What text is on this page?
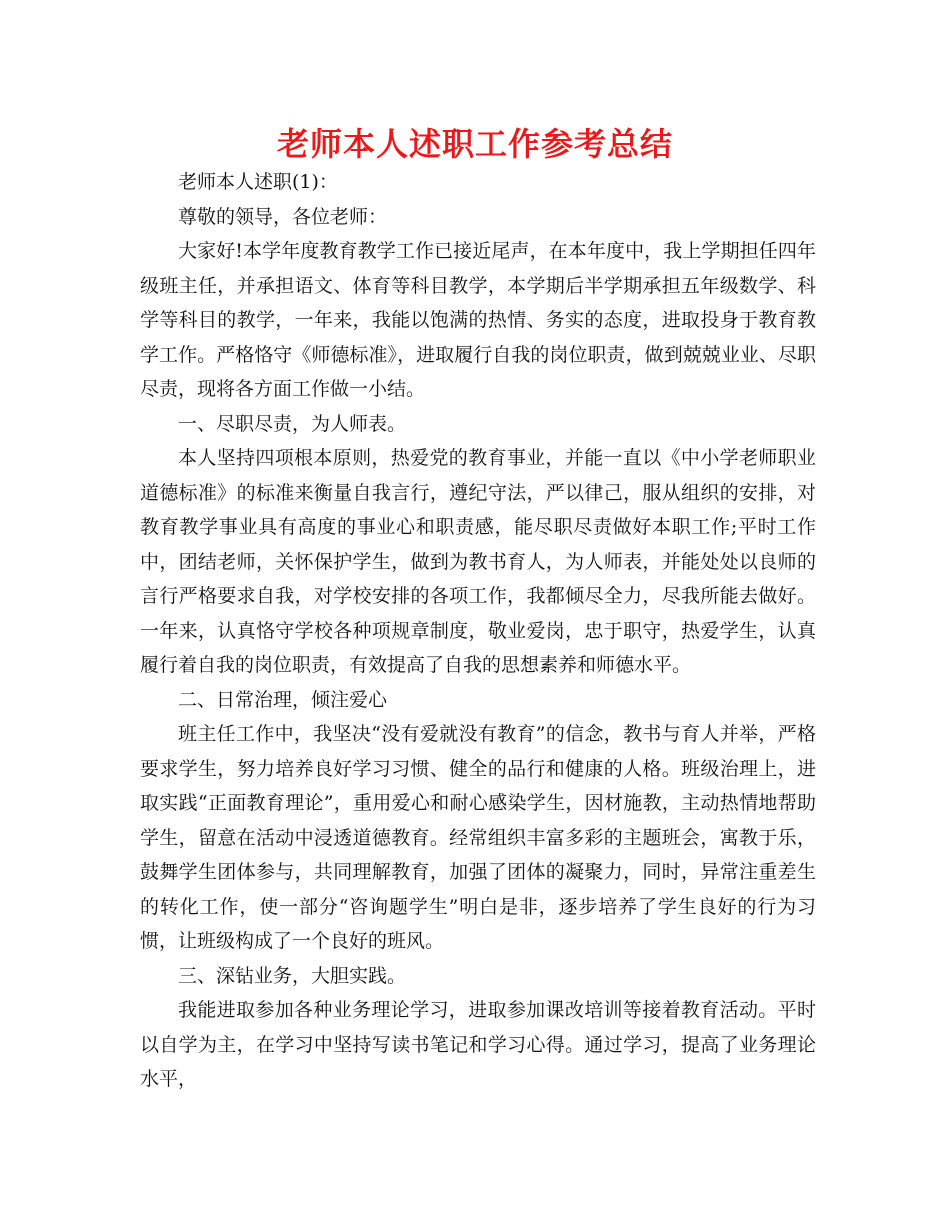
老师本人述职工作参考总结

老师本人述职(1)：

尊敬的领导，各位老师：

大家好!本学年度教育教学工作已接近尾声，在本年度中，我上学期担任四年级班主任，并承担语文、体育等科目教学，本学期后半学期承担五年级数学、科学等科目的教学，一年来，我能以饱满的热情、务实的态度，进取投身于教育教学工作。严格恪守《师德标准》，进取履行自我的岗位职责，做到兢兢业业、尽职尽责，现将各方面工作做一小结。

一、尽职尽责，为人师表。

本人坚持四项根本原则，热爱党的教育事业，并能一直以《中小学老师职业道德标准》的标准来衡量自我言行，遵纪守法，严以律己，服从组织的安排，对教育教学事业具有高度的事业心和职责感，能尽职尽责做好本职工作;平时工作中，团结老师，关怀保护学生，做到为教书育人，为人师表，并能处处以良师的言行严格要求自我，对学校安排的各项工作，我都倾尽全力，尽我所能去做好。一年来，认真恪守学校各种项规章制度，敬业爱岗，忠于职守，热爱学生，认真履行着自我的岗位职责，有效提高了自我的思想素养和师德水平。

二、日常治理，倾注爱心

班主任工作中，我坚决“没有爱就没有教育”的信念，教书与育人并举，严格要求学生，努力培养良好学习习惯、健全的品行和健康的人格。班级治理上，进取实践“正面教育理论”，重用爱心和耐心感染学生，因材施教，主动热情地帮助学生，留意在活动中浸透道德教育。经常组织丰富多彩的主题班会，寓教于乐，鼓舞学生团体参与，共同理解教育，加强了团体的凝聚力，同时，异常注重差生的转化工作，使一部分“咨询题学生”明白是非，逐步培养了学生良好的行为习惯，让班级构成了一个良好的班风。

三、深钻业务，大胆实践。

我能进取参加各种业务理论学习，进取参加课改培训等接着教育活动。平时以自学为主，在学习中坚持写读书笔记和学习心得。通过学习，提高了业务理论水平，
